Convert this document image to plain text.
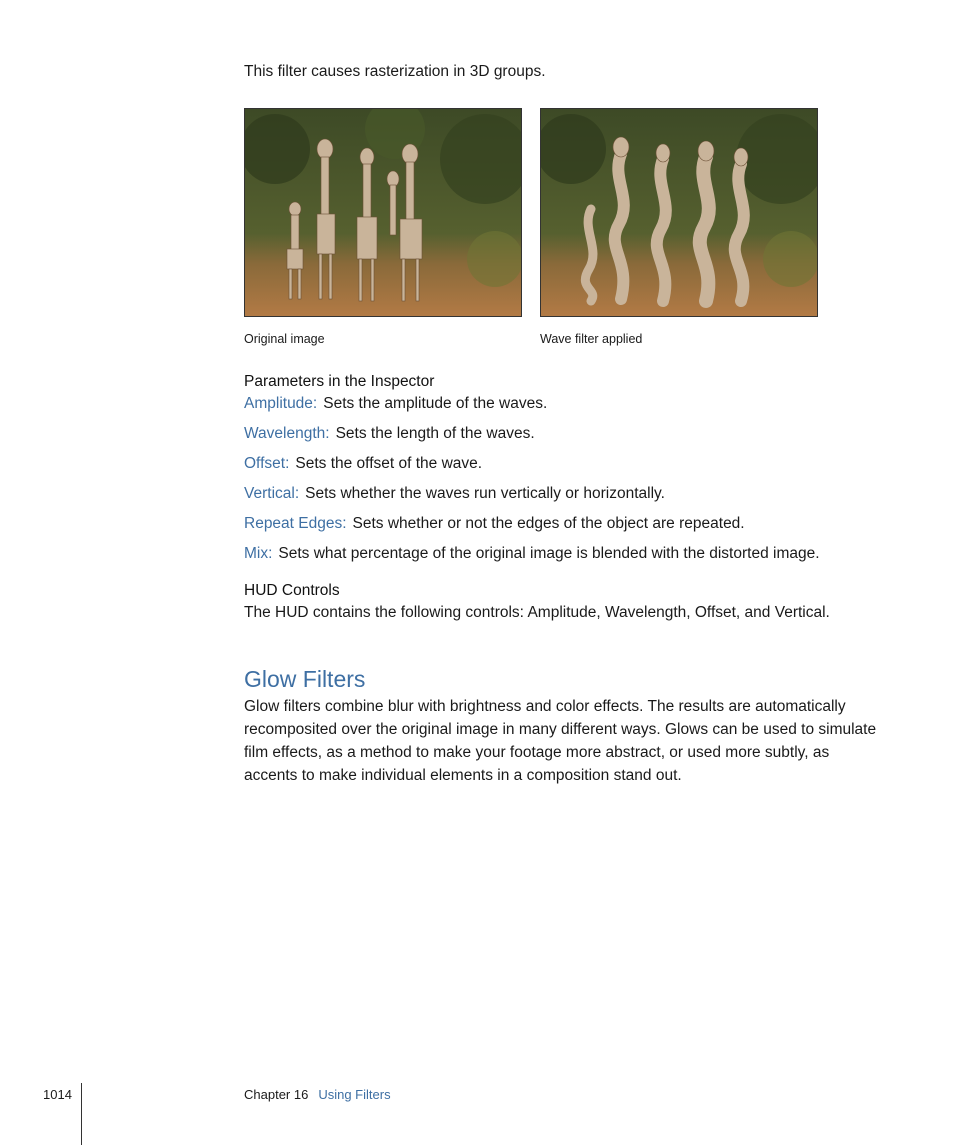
This filter causes rasterization in 3D groups.
Original image	Wave filter applied
Parameters in the Inspector
Amplitude: Sets the amplitude of the waves.
Wavelength: Sets the length of the waves.
Offset: Sets the offset of the wave.
Vertical: Sets whether the waves run vertically or horizontally.
Repeat Edges: Sets whether or not the edges of the object are repeated.
Mix: Sets what percentage of the original image is blended with the distorted image.
HUD Controls

The HUD contains the following controls: Amplitude, Wavelength, Offset, and Vertical.

Glow Filters

Glow filters combine blur with brightness and color effects. The results are automatically recomposited over the original image in many different ways. Glows can be used to simulate film effects, as a method to make your footage more abstract, or used more subtly, as accents to make individual elements in a composition stand out.

1014	Chapter 16 Using Filters
